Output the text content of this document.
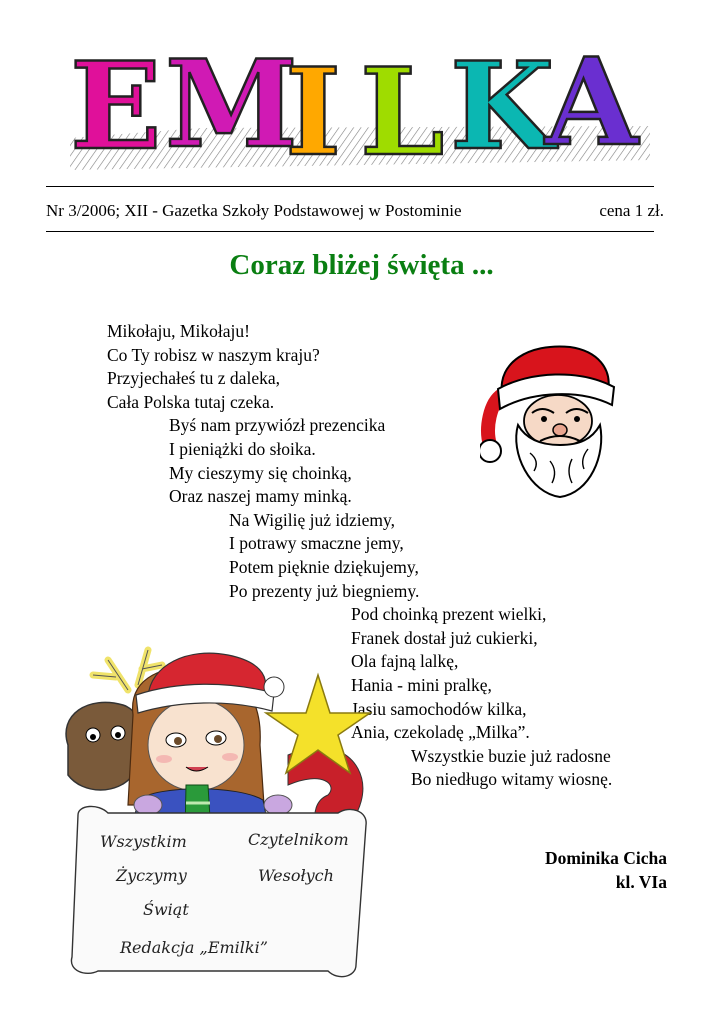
E M
I L K
A
Nr 3/2006; XII - Gazetka Szkoły Podstawowej w Postominie	cena 1 zł.
Coraz bliżej święta ...
Mikołaju, Mikołaju!
Co Ty robisz w naszym kraju?
Przyjechałeś tu z daleka,
Cała Polska tutaj czeka.
Byś nam przywiózł prezencika
I pieniążki do słoika.
My cieszymy się choinką,
Oraz naszej mamy minką.
Na Wigilię już idziemy,
I potrawy smaczne jemy,
Potem pięknie dziękujemy,
Po prezenty już biegniemy.
Pod choinką prezent wielki,
Franek dostał już cukierki,
Ola fajną lalkę,
Hania - mini pralkę,
Jasiu samochodów kilka,
Ania, czekoladę „Milka”.
Wszystkie buzie już radosne
Bo niedługo witamy wiosnę.
Wszystkim	Czytelnikom
Życzymy	Wesołych
Świąt
Redakcja „Emilki”
Dominika Cicha
kl. VIa
